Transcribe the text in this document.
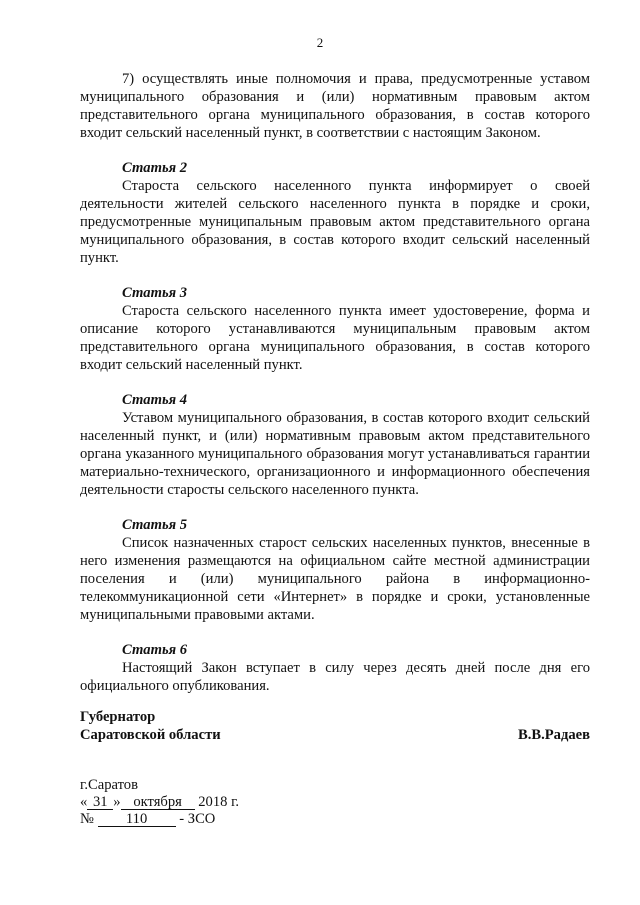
2

7) осуществлять иные полномочия и права, предусмотренные уставом муниципального образования и (или) нормативным правовым актом представительного органа муниципального образования, в состав которого входит сельский населенный пункт, в соответствии с настоящим Законом.

Статья 2

Староста сельского населенного пункта информирует о своей деятельности жителей сельского населенного пункта в порядке и сроки, предусмотренные муниципальным правовым актом представительного органа муниципального образования, в состав которого входит сельский населенный пункт.

Статья 3

Староста сельского населенного пункта имеет удостоверение, форма и описание которого устанавливаются муниципальным правовым актом представительного органа муниципального образования, в состав которого входит сельский населенный пункт.

Статья 4

Уставом муниципального образования, в состав которого входит сельский населенный пункт, и (или) нормативным правовым актом представительного органа указанного муниципального образования могут устанавливаться гарантии материально-технического, организационного и информационного обеспечения деятельности старосты сельского населенного пункта.

Статья 5

Список назначенных старост сельских населенных пунктов, внесенные в него изменения размещаются на официальном сайте местной администрации поселения и (или) муниципального района в информационно-телекоммуникационной сети «Интернет» в порядке и сроки, установленные муниципальными правовыми актами.

Статья 6

Настоящий Закон вступает в силу через десять дней после дня его официального опубликования.

Губернатор
Саратовской области	В.В.Радаев
г.Саратов
« 31 » октября 2018 г.
№ 110 - ЗСО
